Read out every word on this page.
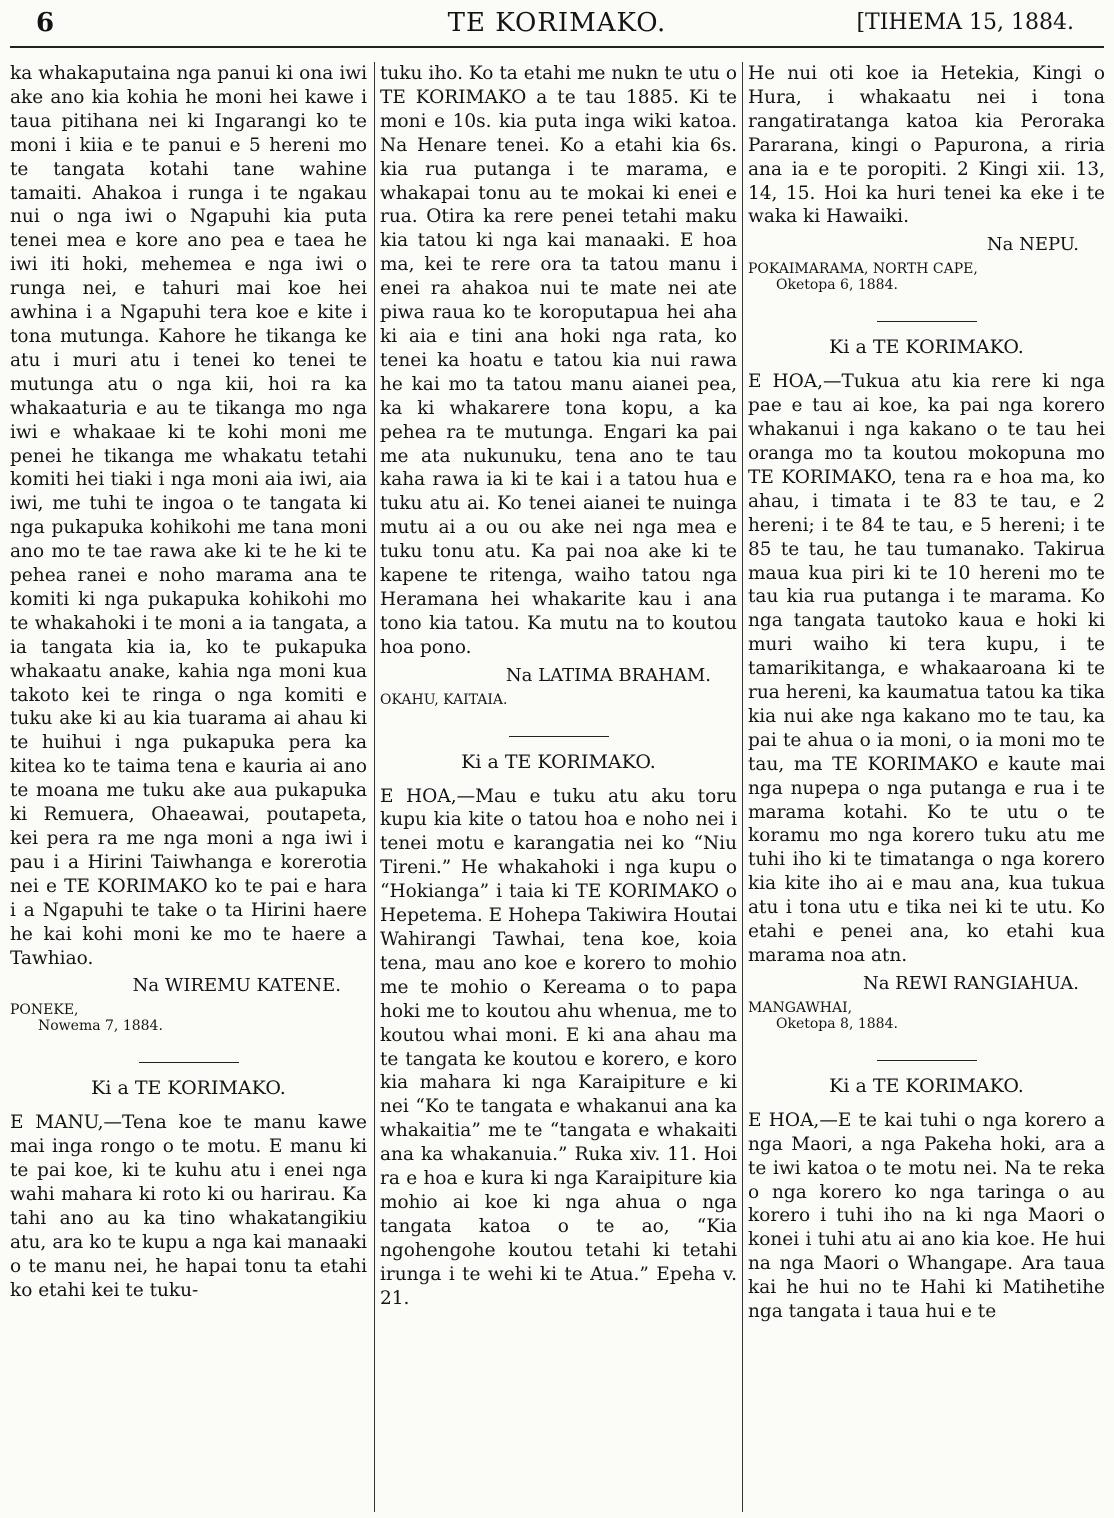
6	TE KORIMAKO.	[TIHEMA 15, 1884.

ka whakaputaina nga panui ki ona iwi ake ano kia kohia he moni hei kawe i taua pitihana nei ki Ingarangi ko te moni i kiia e te panui e 5 hereni mo te tangata kotahi tane wahine tamaiti. Ahakoa i runga i te ngakau nui o nga iwi o Ngapuhi kia puta tenei mea e kore ano pea e taea he iwi iti hoki, mehemea e nga iwi o runga nei, e tahuri mai koe hei awhina i a Ngapuhi tera koe e kite i tona mutunga. Kahore he tikanga ke atu i muri atu i tenei ko tenei te mutunga atu o nga kii, hoi ra ka whakaaturia e au te tikanga mo nga iwi e whakaae ki te kohi moni me penei he tikanga me whakatu tetahi komiti hei tiaki i nga moni aia iwi, aia iwi, me tuhi te ingoa o te tangata ki nga pukapuka kohikohi me tana moni ano mo te tae rawa ake ki te he ki te pehea ranei e noho marama ana te komiti ki nga pukapuka kohikohi mo te whakahoki i te moni a ia tangata, a ia tangata kia ia, ko te pukapuka whakaatu anake, kahia nga moni kua takoto kei te ringa o nga komiti e tuku ake ki au kia tuarama ai ahau ki te huihui i nga pukapuka pera ka kitea ko te taima tena e kauria ai ano te moana me tuku ake aua pukapuka ki Remuera, Ohaeawai, poutapeta, kei pera ra me nga moni a nga iwi i pau i a Hirini Taiwhanga e korerotia nei e TE KORIMAKO ko te pai e hara i a Ngapuhi te take o ta Hirini haere he kai kohi moni ke mo te haere a Tawhiao.

Na WIREMU KATENE.

PONEKE,
Nowema 7, 1884.
Ki a TE KORIMAKO.

E MANU,—Tena koe te manu kawe mai inga rongo o te motu. E manu ki te pai koe, ki te kuhu atu i enei nga wahi mahara ki roto ki ou harirau. Ka tahi ano au ka tino whakatangikiu atu, ara ko te kupu a nga kai manaaki o te manu nei, he hapai tonu ta etahi ko etahi kei te tuku-

tuku iho. Ko ta etahi me nukn te utu o TE KORIMAKO a te tau 1885. Ki te moni e 10s. kia puta inga wiki katoa. Na Henare tenei. Ko a etahi kia 6s. kia rua putanga i te marama, e whakapai tonu au te mokai ki enei e rua. Otira ka rere penei tetahi maku kia tatou ki nga kai manaaki. E hoa ma, kei te rere ora ta tatou manu i enei ra ahakoa nui te mate nei ate piwa raua ko te koroputapua hei aha ki aia e tini ana hoki nga rata, ko tenei ka hoatu e tatou kia nui rawa he kai mo ta tatou manu aianei pea, ka ki whakarere tona kopu, a ka pehea ra te mutunga. Engari ka pai me ata nukunuku, tena ano te tau kaha rawa ia ki te kai i a tatou hua e tuku atu ai. Ko tenei aianei te nuinga mutu ai a ou ou ake nei nga mea e tuku tonu atu. Ka pai noa ake ki te kapene te ritenga, waiho tatou nga Heramana hei whakarite kau i ana tono kia tatou. Ka mutu na to koutou hoa pono.

Na LATIMA BRAHAM.

OKAHU, KAITAIA.
Ki a TE KORIMAKO.

E HOA,—Mau e tuku atu aku toru kupu kia kite o tatou hoa e noho nei i tenei motu e karangatia nei ko “Niu Tireni.” He whakahoki i nga kupu o “Hokianga” i taia ki TE KORIMAKO o Hepetema. E Hohepa Takiwira Houtai Wahirangi Tawhai, tena koe, koia tena, mau ano koe e korero to mohio me te mohio o Kereama o to papa hoki me to koutou ahu whenua, me to koutou whai moni. E ki ana ahau ma te tangata ke koutou e korero, e koro kia mahara ki nga Karaipiture e ki nei “Ko te tangata e whakanui ana ka whakaitia” me te “tangata e whakaiti ana ka whakanuia.” Ruka xiv. 11. Hoi ra e hoa e kura ki nga Karaipiture kia mohio ai koe ki nga ahua o nga tangata katoa o te ao, “Kia ngohengohe koutou tetahi ki tetahi irunga i te wehi ki te Atua.” Epeha v. 21.

He nui oti koe ia Hetekia, Kingi o Hura, i whakaatu nei i tona rangatiratanga katoa kia Peroraka Pararana, kingi o Papurona, a riria ana ia e te poropiti. 2 Kingi xii. 13, 14, 15. Hoi ka huri tenei ka eke i te waka ki Hawaiki.

Na NEPU.

POKAIMARAMA, NORTH CAPE,
Oketopa 6, 1884.
Ki a TE KORIMAKO.

E HOA,—Tukua atu kia rere ki nga pae e tau ai koe, ka pai nga korero whakanui i nga kakano o te tau hei oranga mo ta koutou mokopuna mo TE KORIMAKO, tena ra e hoa ma, ko ahau, i timata i te 83 te tau, e 2 hereni; i te 84 te tau, e 5 hereni; i te 85 te tau, he tau tumanako. Takirua maua kua piri ki te 10 hereni mo te tau kia rua putanga i te marama. Ko nga tangata tautoko kaua e hoki ki muri waiho ki tera kupu, i te tamarikitanga, e whakaaroana ki te rua hereni, ka kaumatua tatou ka tika kia nui ake nga kakano mo te tau, ka pai te ahua o ia moni, o ia moni mo te tau, ma TE KORIMAKO e kaute mai nga nupepa o nga putanga e rua i te marama kotahi. Ko te utu o te koramu mo nga korero tuku atu me tuhi iho ki te timatanga o nga korero kia kite iho ai e mau ana, kua tukua atu i tona utu e tika nei ki te utu. Ko etahi e penei ana, ko etahi kua marama noa atn.

Na REWI RANGIAHUA.

MANGAWHAI,
Oketopa 8, 1884.
Ki a TE KORIMAKO.

E HOA,—E te kai tuhi o nga korero a nga Maori, a nga Pakeha hoki, ara a te iwi katoa o te motu nei. Na te reka o nga korero ko nga taringa o au korero i tuhi iho na ki nga Maori o konei i tuhi atu ai ano kia koe. He hui na nga Maori o Whangape. Ara taua kai he hui no te Hahi ki Matihetihe nga tangata i taua hui e te
